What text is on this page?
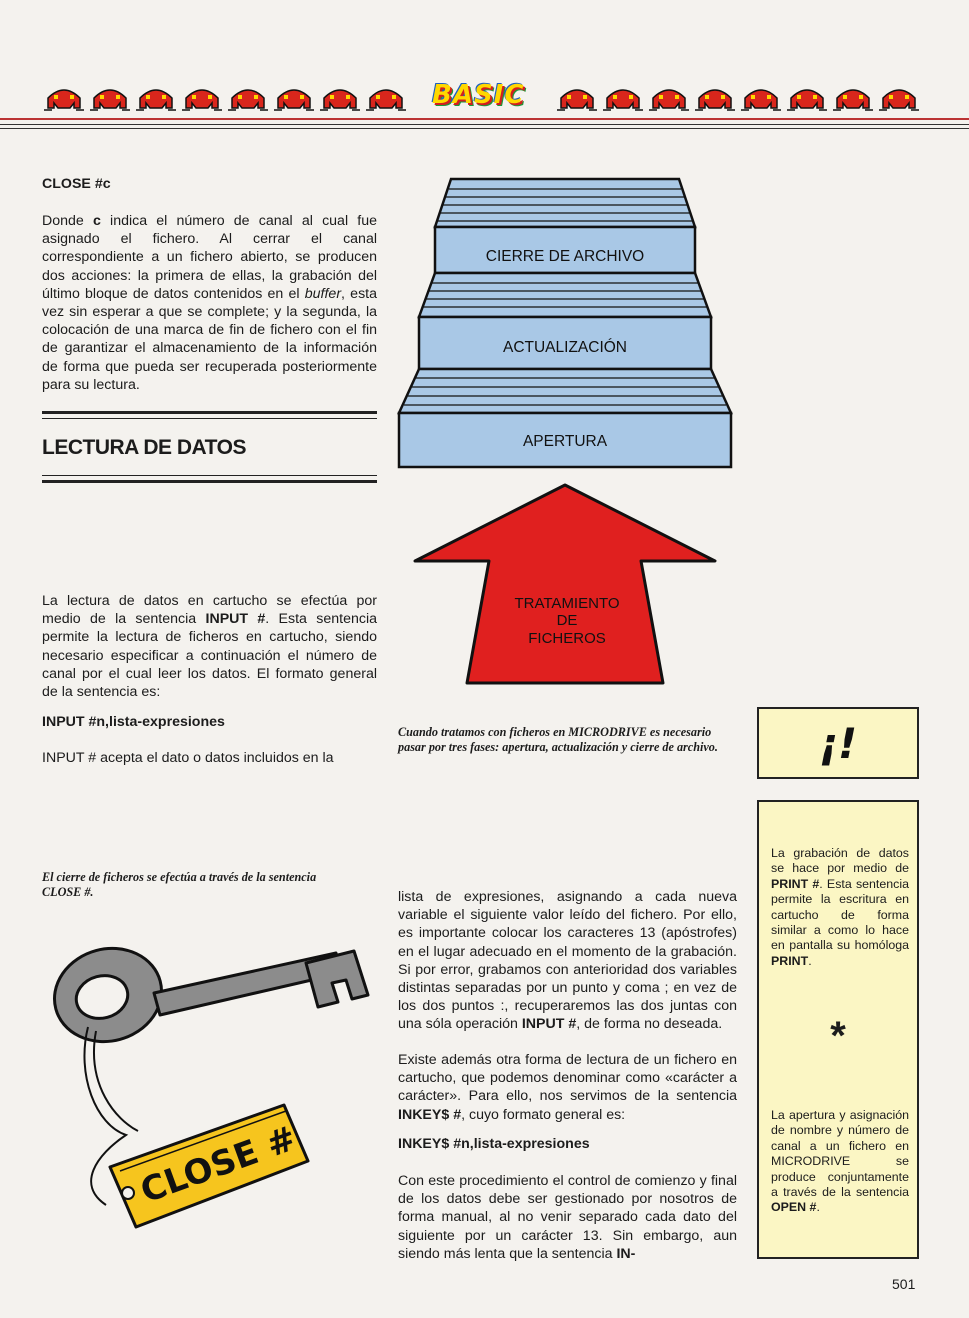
BASIC
CLOSE #c
Donde c indica el número de canal al cual fue asignado el fichero. Al cerrar el canal correspondiente a un fichero abierto, se producen dos acciones: la primera de ellas, la grabación del último bloque de datos contenidos en el buffer, esta vez sin esperar a que se complete; y la segunda, la colocación de una marca de fin de fichero con el fin de garantizar el almacenamiento de la información de forma que pueda ser recuperada posteriormente para su lectura.
LECTURA DE DATOS
La lectura de datos en cartucho se efectúa por medio de la sentencia INPUT #. Esta sentencia permite la lectura de ficheros en cartucho, siendo necesario especificar a continuación el número de canal por el cual leer los datos. El formato general de la sentencia es:
INPUT #n,lista-expresiones
INPUT # acepta el dato o datos incluidos en la
El cierre de ficheros se efectúa a través de la sentencia CLOSE #.
CLOSE #
CIERRE DE ARCHIVO
ACTUALIZACIÓN
APERTURA
TRATAMIENTO
DE
FICHEROS
Cuando tratamos con ficheros en MICRODRIVE es necesario pasar por tres fases: apertura, actualización y cierre de archivo.
lista de expresiones, asignando a cada nueva variable el siguiente valor leído del fichero. Por ello, es importante colocar los caracteres 13 (apóstrofes) en el lugar adecuado en el momento de la grabación. Si por error, grabamos con anterioridad dos variables distintas separadas por un punto y coma ; en vez de los dos puntos :, recuperaremos las dos juntas con una sóla operación INPUT #, de forma no deseada.
Existe además otra forma de lectura de un fichero en cartucho, que podemos denominar como «carácter a carácter». Para ello, nos servimos de la sentencia INKEY$ #, cuyo formato general es:
INKEY$ #n,lista-expresiones
Con este procedimiento el control de comienzo y final de los datos debe ser gestionado por nosotros de forma manual, al no venir separado cada dato del siguiente por un carácter 13. Sin embargo, aun siendo más lenta que la sentencia IN-
¡!
La grabación de datos se hace por medio de PRINT #. Esta sentencia permite la escritura en cartucho de forma similar a como lo hace en pantalla su homóloga PRINT.
*
La apertura y asignación de nombre y número de canal a un fichero en MICRODRIVE se produce conjuntamente a través de la sentencia OPEN #.
501
